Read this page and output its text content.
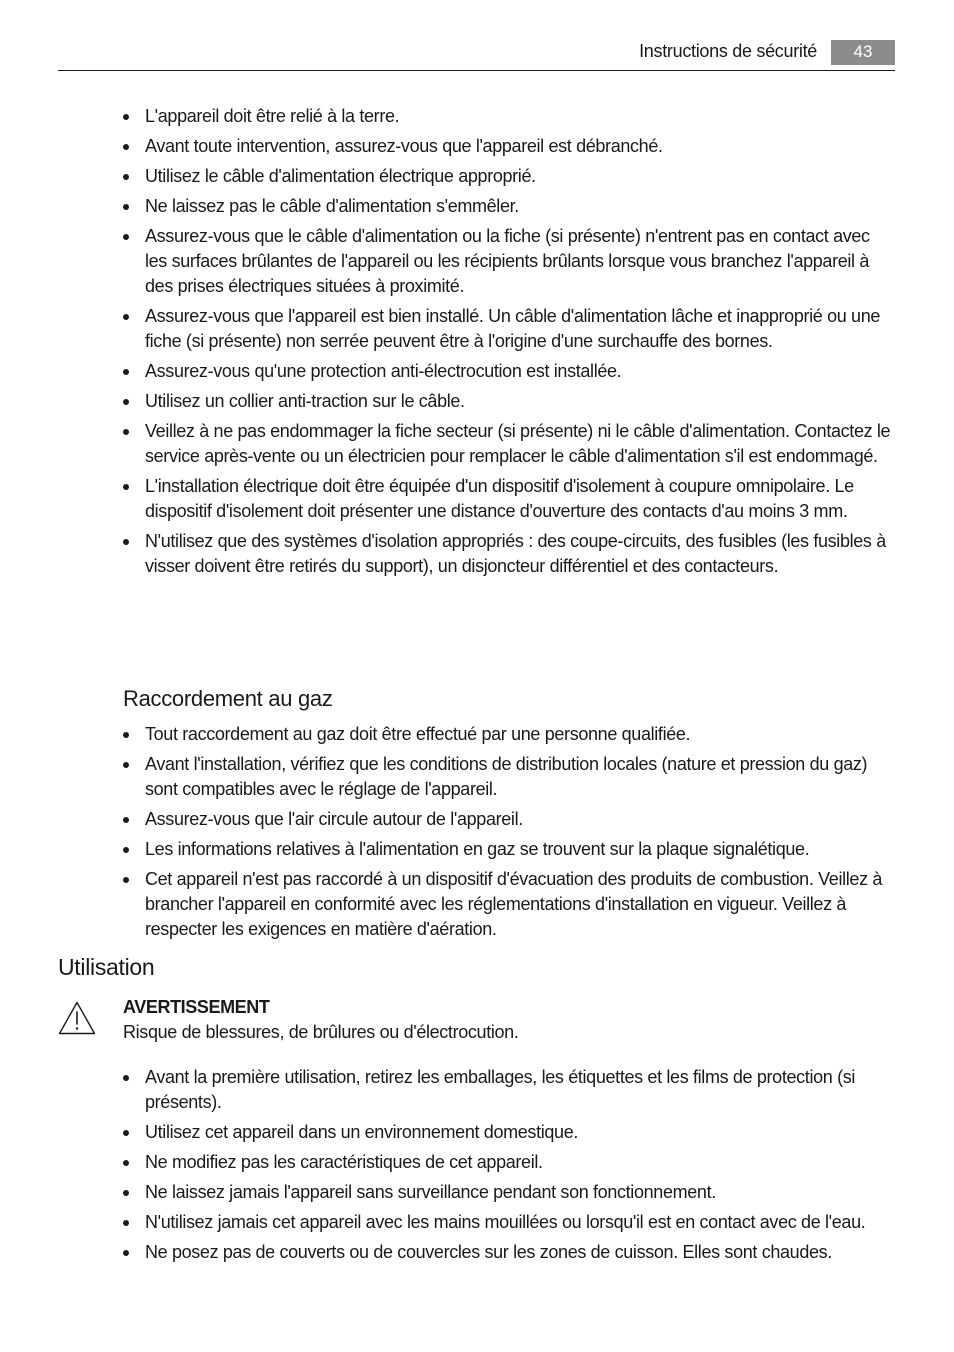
Instructions de sécurité	43
L'appareil doit être relié à la terre.
Avant toute intervention, assurez-vous que l'appareil est débranché.
Utilisez le câble d'alimentation électrique approprié.
Ne laissez pas le câble d'alimentation s'emmêler.
Assurez-vous que le câble d'alimentation ou la fiche (si présente) n'entrent pas en contact avec les surfaces brûlantes de l'appareil ou les récipients brûlants lorsque vous branchez l'appareil à des prises électriques situées à proximité.
Assurez-vous que l'appareil est bien installé. Un câble d'alimentation lâche et inapproprié ou une fiche (si présente) non serrée peuvent être à l'origine d'une surchauffe des bornes.
Assurez-vous qu'une protection anti-électrocution est installée.
Utilisez un collier anti-traction sur le câble.
Veillez à ne pas endommager la fiche secteur (si présente) ni le câble d'alimentation. Contactez le service après-vente ou un électricien pour remplacer le câble d'alimentation s'il est endommagé.
L'installation électrique doit être équipée d'un dispositif d'isolement à coupure omnipolaire. Le dispositif d'isolement doit présenter une distance d'ouverture des contacts d'au moins 3 mm.
N'utilisez que des systèmes d'isolation appropriés : des coupe-circuits, des fusibles (les fusibles à visser doivent être retirés du support), un disjoncteur différentiel et des contacteurs.
Raccordement au gaz
Tout raccordement au gaz doit être effectué par une personne qualifiée.
Avant l'installation, vérifiez que les conditions de distribution locales (nature et pression du gaz) sont compatibles avec le réglage de l'appareil.
Assurez-vous que l'air circule autour de l'appareil.
Les informations relatives à l'alimentation en gaz se trouvent sur la plaque signalétique.
Cet appareil n'est pas raccordé à un dispositif d'évacuation des produits de combustion. Veillez à brancher l'appareil en conformité avec les réglementations d'installation en vigueur. Veillez à respecter les exigences en matière d'aération.
Utilisation
AVERTISSEMENT
Risque de blessures, de brûlures ou d'électrocution.
Avant la première utilisation, retirez les emballages, les étiquettes et les films de protection (si présents).
Utilisez cet appareil dans un environnement domestique.
Ne modifiez pas les caractéristiques de cet appareil.
Ne laissez jamais l'appareil sans surveillance pendant son fonctionnement.
N'utilisez jamais cet appareil avec les mains mouillées ou lorsqu'il est en contact avec de l'eau.
Ne posez pas de couverts ou de couvercles sur les zones de cuisson. Elles sont chaudes.
